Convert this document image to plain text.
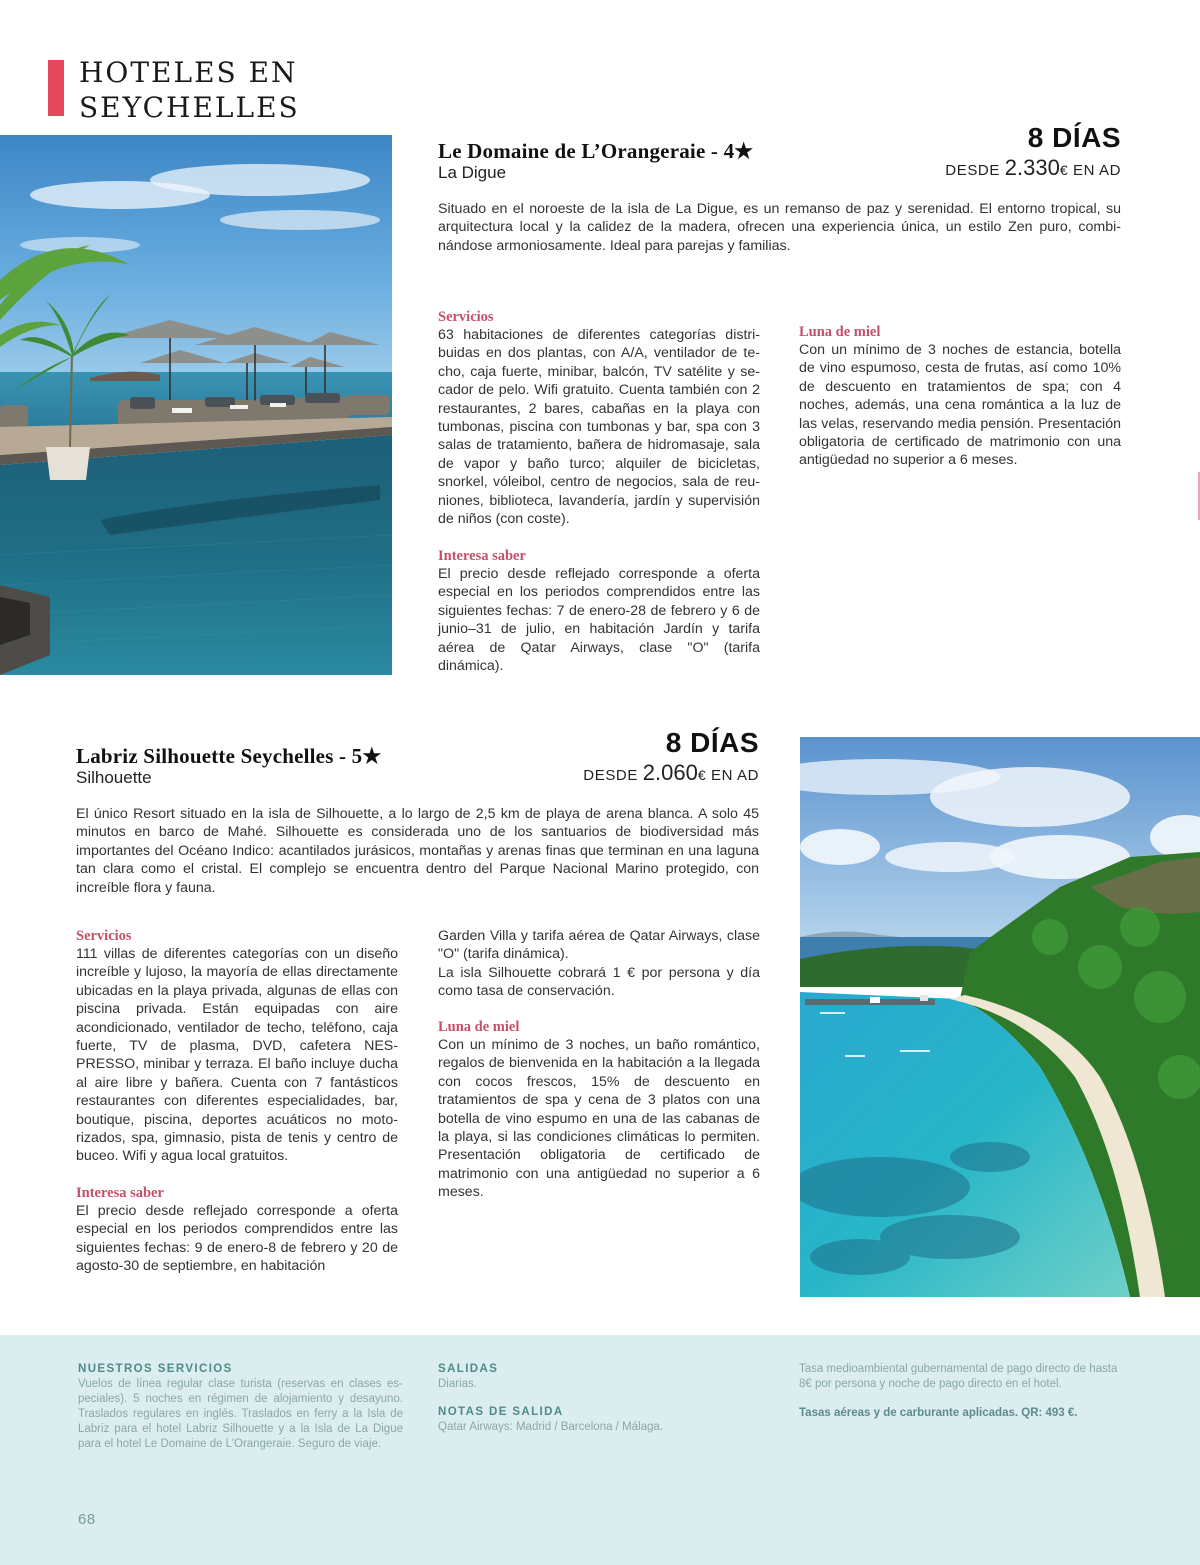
HOTELES EN
SEYCHELLES
Le Domaine de L’Orangeraie - 4★
La Digue
8 DÍAS
DESDE 2.330€ EN AD
Situado en el noroeste de la isla de La Digue, es un remanso de paz y serenidad. El entorno tropical, su arquitectura local y la calidez de la madera, ofrecen una experiencia única, un estilo Zen puro, combinándose armoniosamente. Ideal para parejas y familias.
Servicios
63 habitaciones de diferentes categorías distribuidas en dos plantas, con A/A, ventilador de techo, caja fuerte, minibar, balcón, TV satélite y secador de pelo. Wifi gratuito. Cuenta también con 2 restaurantes, 2 bares, cabañas en la playa con tumbonas, piscina con tumbonas y bar, spa con 3 salas de tratamiento, bañera de hidromasaje, sala de vapor y baño turco; alquiler de bicicletas, snorkel, vóleibol, centro de negocios, sala de reuniones, biblioteca, lavandería, jardín y supervisión de niños (con coste).
Interesa saber
El precio desde reflejado corresponde a oferta especial en los periodos comprendidos entre las siguientes fechas: 7 de enero-28 de febrero y 6 de junio–31 de julio, en habitación Jardín y tarifa aérea de Qatar Airways, clase "O" (tarifa dinámica).
Luna de miel
Con un mínimo de 3 noches de estancia, botella de vino espumoso, cesta de frutas, así como 10% de descuento en tratamientos de spa; con 4 noches, además, una cena romántica a la luz de las velas, reservando media pensión. Presentación obligatoria de certificado de matrimonio con una antigüedad no superior a 6 meses.
Labriz Silhouette Seychelles - 5★
Silhouette
8 DÍAS
DESDE 2.060€ EN AD
El único Resort situado en la isla de Silhouette, a lo largo de 2,5 km de playa de arena blanca. A solo 45 minutos en barco de Mahé. Silhouette es considerada uno de los santuarios de biodiversidad más importantes del Océano Indico: acantilados jurásicos, montañas y arenas finas que terminan en una laguna tan clara como el cristal. El complejo se encuentra dentro del Parque Nacional Marino protegido, con increíble flora y fauna.
Servicios
111 villas de diferentes categorías con un diseño increíble y lujoso, la mayoría de ellas directamente ubicadas en la playa privada, algunas de ellas con piscina privada. Están equipadas con aire acondicionado, ventilador de techo, teléfono, caja fuerte, TV de plasma, DVD, cafetera NESPRESSO, minibar y terraza. El baño incluye ducha al aire libre y bañera. Cuenta con 7 fantásticos restaurantes con diferentes especialidades, bar, boutique, piscina, deportes acuáticos no motorizados, spa, gimnasio, pista de tenis y centro de buceo. Wifi y agua local gratuitos.
Interesa saber
El precio desde reflejado corresponde a oferta especial en los periodos comprendidos entre las siguientes fechas: 9 de enero-8 de febrero y 20 de agosto-30 de septiembre, en habitación
Garden Villa y tarifa aérea de Qatar Airways, clase "O" (tarifa dinámica).
La isla Silhouette cobrará 1 € por persona y día como tasa de conservación.
Luna de miel
Con un mínimo de 3 noches, un baño romántico, regalos de bienvenida en la habitación a la llegada con cocos frescos, 15% de descuento en tratamientos de spa y cena de 3 platos con una botella de vino espumo en una de las cabanas de la playa, si las condiciones climáticas lo permiten. Presentación obligatoria de certificado de matrimonio con una antigüedad no superior a 6 meses.
NUESTROS SERVICIOS
Vuelos de línea regular clase turista (reservas en clases especiales). 5 noches en régimen de alojamiento y desayuno. Traslados regulares en inglés. Traslados en ferry a la Isla de Labriz para el hotel Labriz Silhouette y a la Isla de La Digue para el hotel Le Domaine de L’Orangeraie. Seguro de viaje.
SALIDAS
Diarias.
NOTAS DE SALIDA
Qatar Airways: Madrid / Barcelona / Málaga.
Tasa medioambiental gubernamental de pago directo de hasta 8€ por persona y noche de pago directo en el hotel.
Tasas aéreas y de carburante aplicadas. QR: 493 €.
68
